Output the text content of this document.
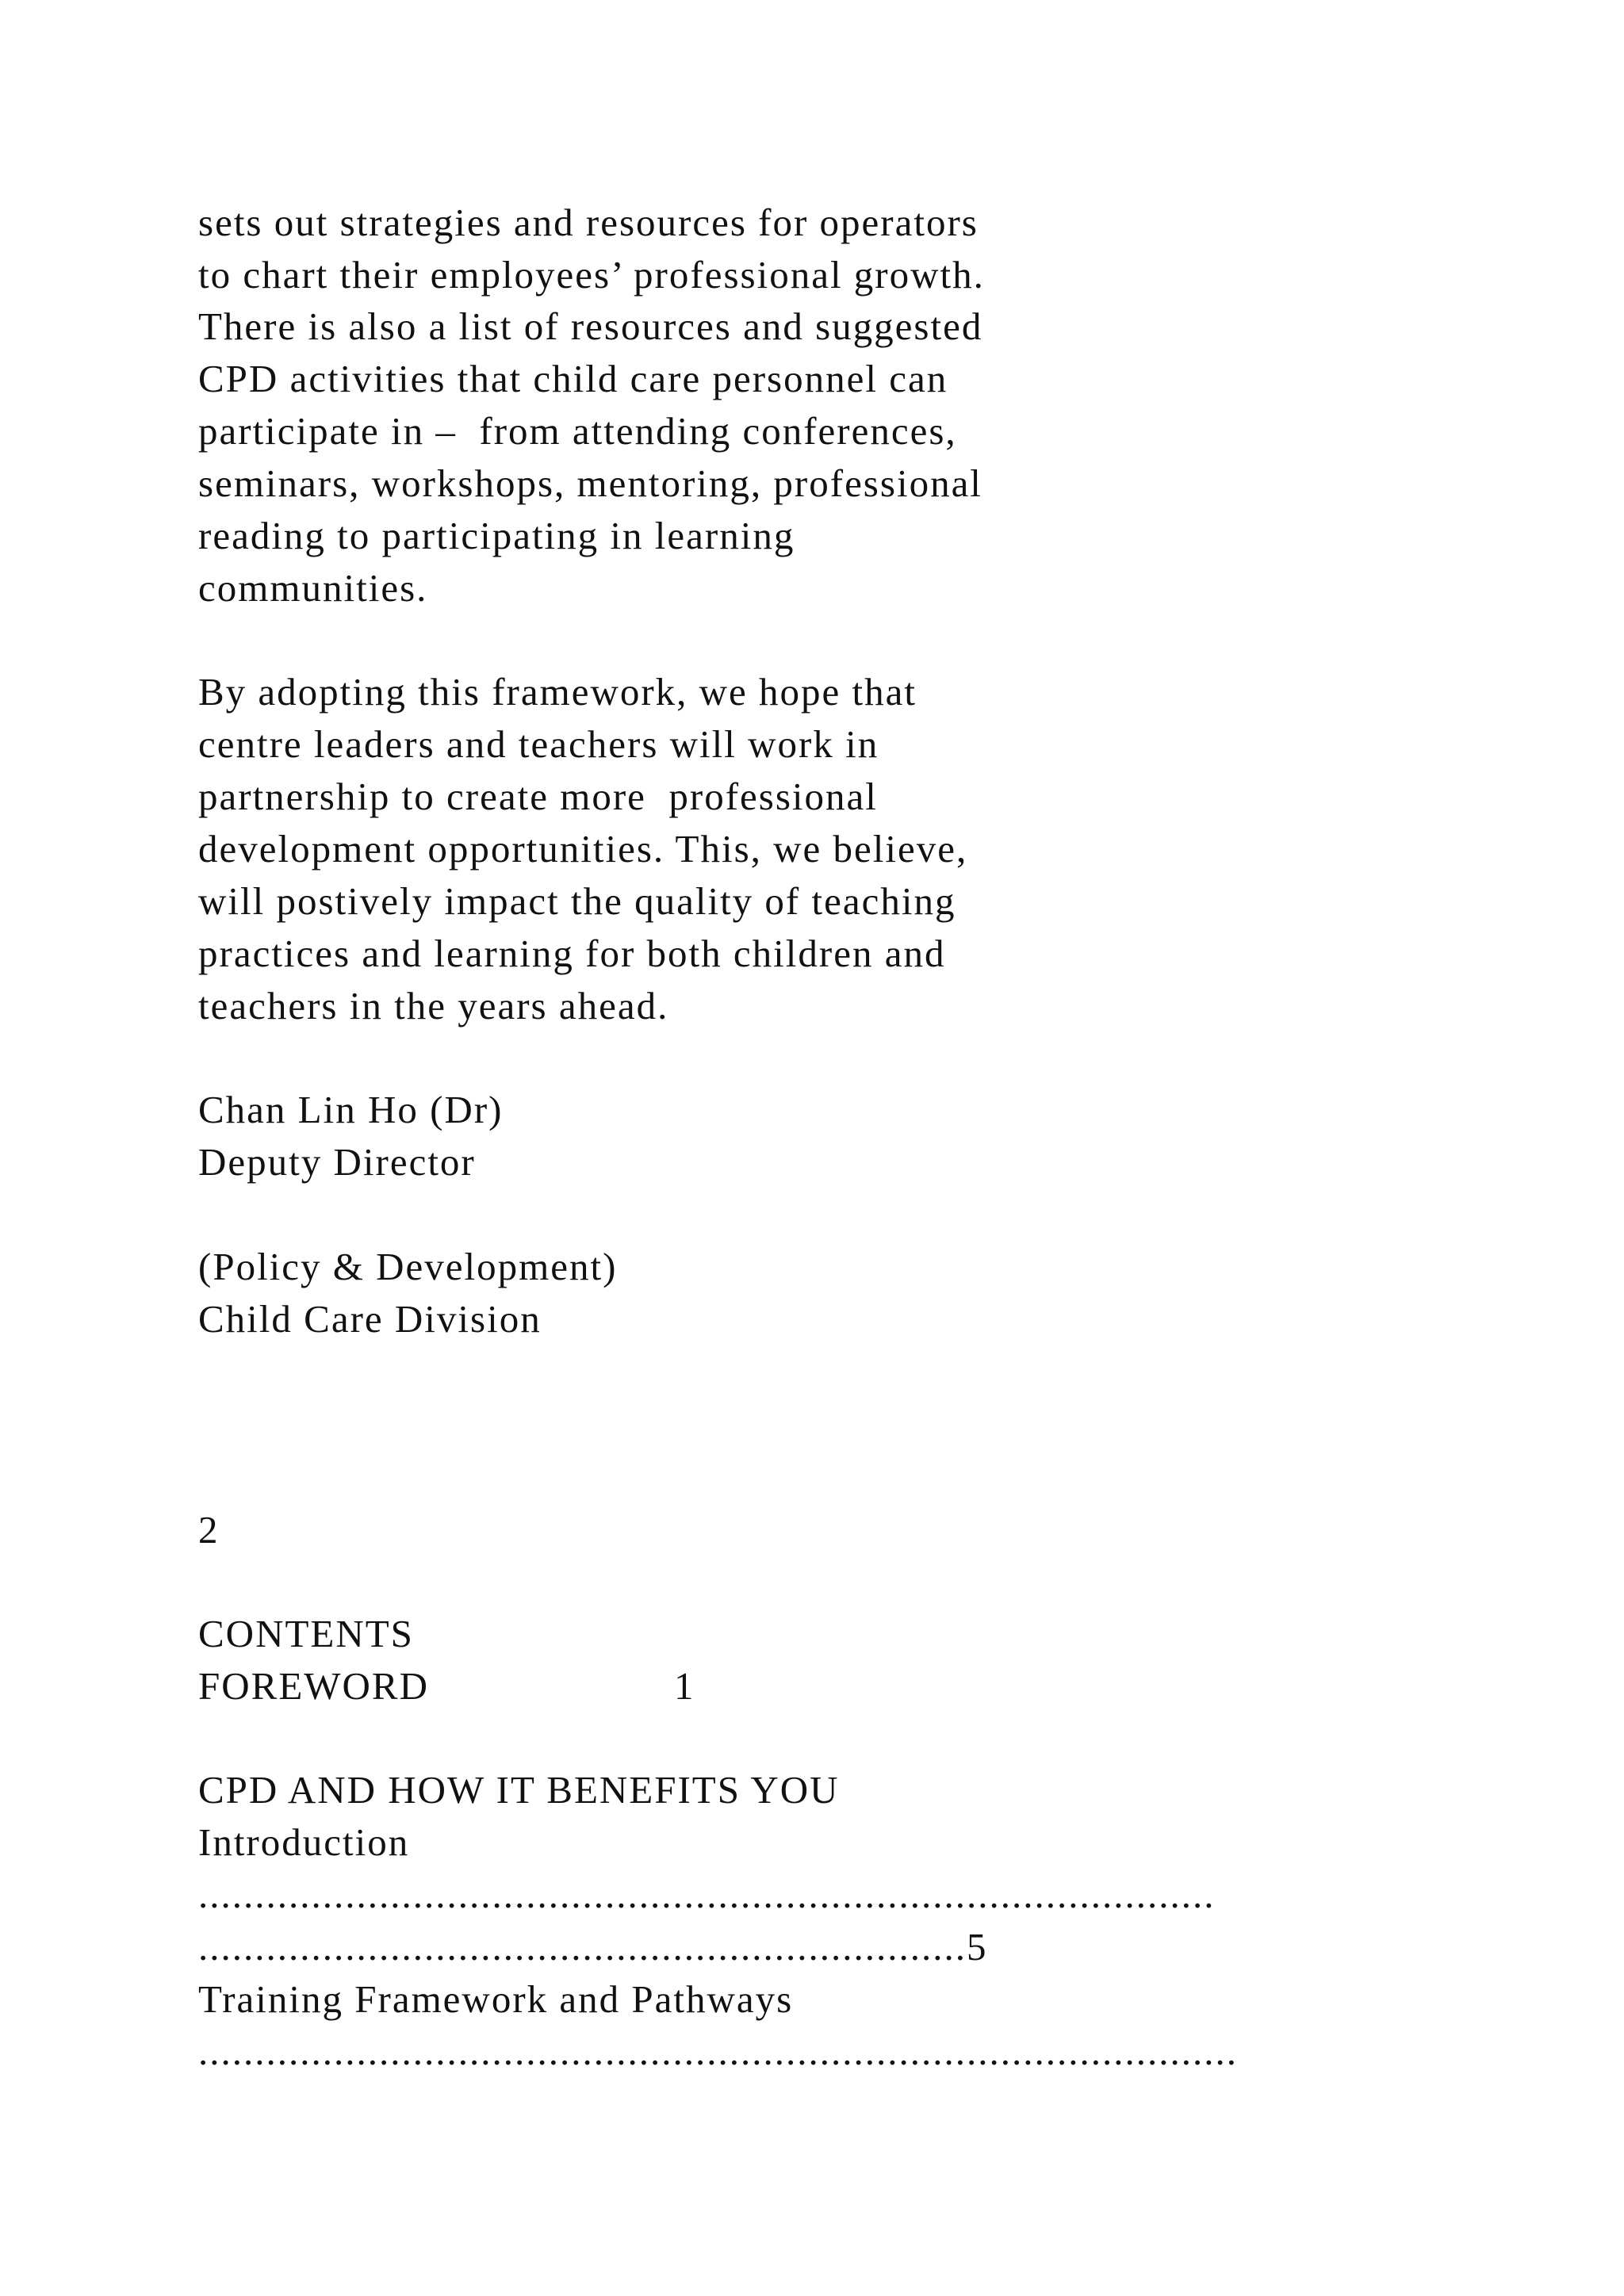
sets out strategies and resources for operators
to chart their employees’ professional growth.
There is also a list of resources and suggested
CPD activities that child care personnel can
participate in –  from attending conferences,
seminars, workshops, mentoring, professional
reading to participating in learning
communities.
By adopting this framework, we hope that
centre leaders and teachers will work in
partnership to create more  professional
development opportunities. This, we believe,
will postively impact the quality of teaching
practices and learning for both children and
teachers in the years ahead.
Chan Lin Ho (Dr)
Deputy Director
(Policy & Development)
Child Care Division
2
CONTENTS
FOREWORD	1
CPD AND HOW IT BENEFITS YOU
Introduction
..........................................................................................
....................................................................5
Training Framework and Pathways
............................................................................................
